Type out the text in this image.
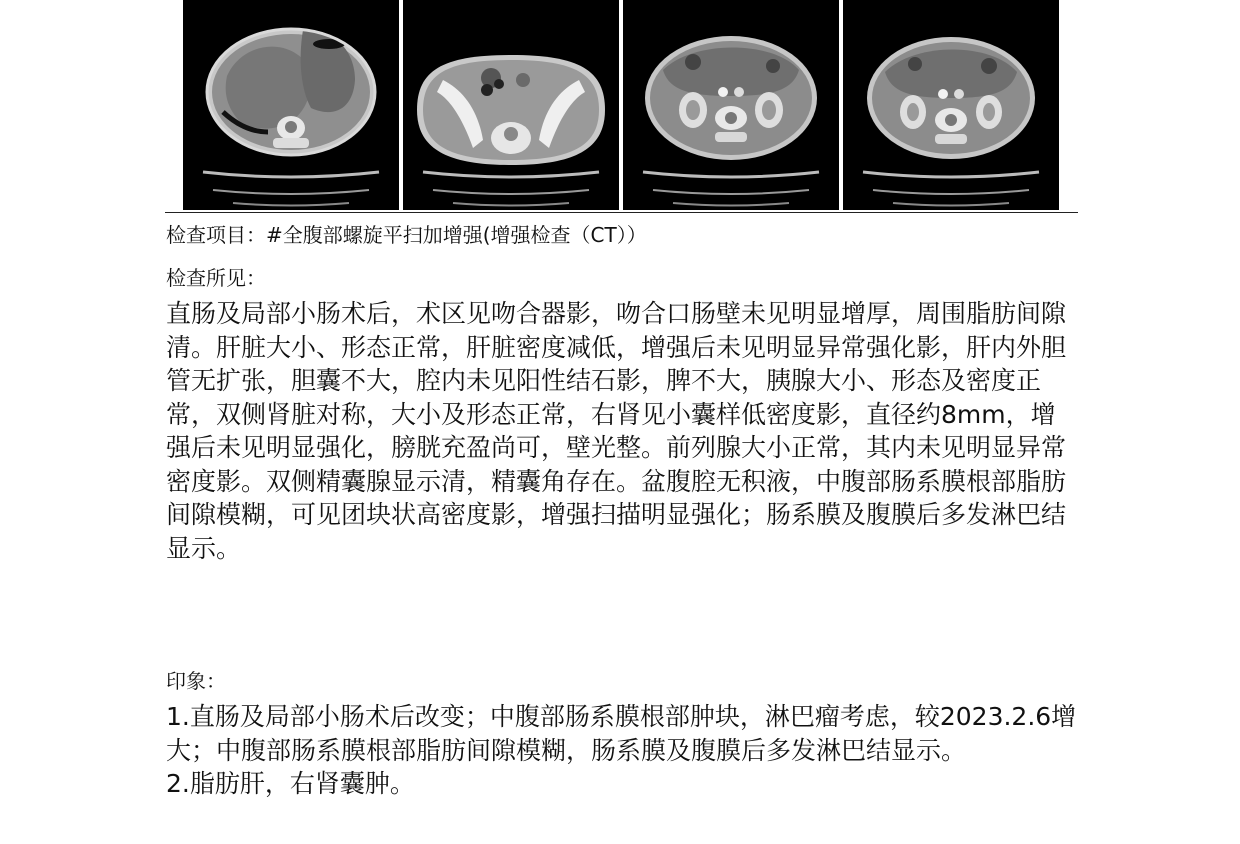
检查项目：#全腹部螺旋平扫加增强(增强检查（CT））
检查所见：

直肠及局部小肠术后，术区见吻合器影，吻合口肠壁未见明显增厚，周围脂肪间隙清。肝脏大小、形态正常，肝脏密度减低，增强后未见明显异常强化影，肝内外胆管无扩张，胆囊不大，腔内未见阳性结石影，脾不大，胰腺大小、形态及密度正常，双侧肾脏对称，大小及形态正常，右肾见小囊样低密度影，直径约8mm，增强后未见明显强化，膀胱充盈尚可，壁光整。前列腺大小正常，其内未见明显异常密度影。双侧精囊腺显示清，精囊角存在。盆腹腔无积液，中腹部肠系膜根部脂肪间隙模糊，可见团块状高密度影，增强扫描明显强化；肠系膜及腹膜后多发淋巴结显示。

印象：

1.直肠及局部小肠术后改变；中腹部肠系膜根部肿块，淋巴瘤考虑，较2023.2.6增大；中腹部肠系膜根部脂肪间隙模糊，肠系膜及腹膜后多发淋巴结显示。

2.脂肪肝，右肾囊肿。
